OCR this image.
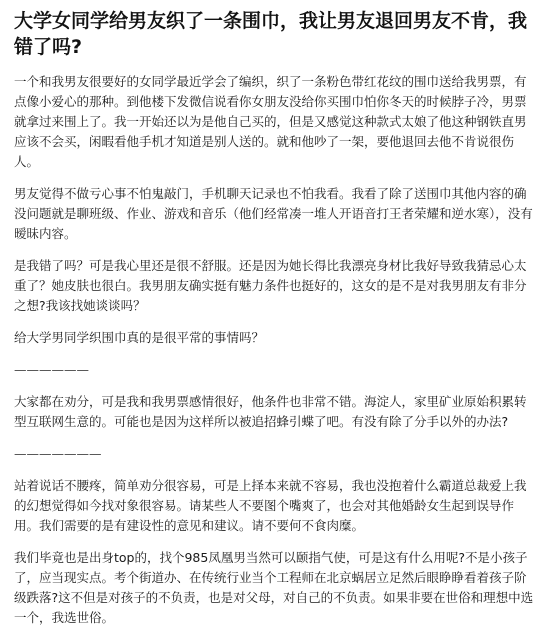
大学女同学给男友织了一条围巾，我让男友退回男友不肯，我错了吗?

一个和我男友很要好的女同学最近学会了编织，织了一条粉色带红花纹的围巾送给我男票，有点像小爱心的那种。到他楼下发微信说看你女朋友没给你买围巾怕你冬天的时候脖子冷，男票就拿过来围上了。我一开始还以为是他自己买的，但是又感觉这种款式太娘了他这种钢铁直男应该不会买，闲暇看他手机才知道是别人送的。就和他吵了一架，要他退回去他不肯说很伤人。

男友觉得不做亏心事不怕鬼敲门，手机聊天记录也不怕我看。我看了除了送围巾其他内容的确没问题就是聊班级、作业、游戏和音乐（他们经常凑一堆人开语音打王者荣耀和逆水寒），没有暧昧内容。

是我错了吗？可是我心里还是很不舒服。还是因为她长得比我漂亮身材比我好导致我猜忌心太重了？她皮肤也很白。我男朋友确实挺有魅力条件也挺好的，这女的是不是对我男朋友有非分之想?我该找她谈谈吗？

给大学男同学织围巾真的是很平常的事情吗？

——————

大家都在劝分，可是我和我男票感情很好，他条件也非常不错。海淀人，家里矿业原始积累转型互联网生意的。可能也是因为这样所以被追招蜂引蝶了吧。有没有除了分手以外的办法?

———————

站着说话不腰疼，简单劝分很容易，可是上择本来就不容易，我也没抱着什么霸道总裁爱上我的幻想觉得如今找对象很容易。请某些人不要图个嘴爽了，也会对其他婚龄女生起到误导作用。我们需要的是有建设性的意见和建议。请不要何不食肉糜。

我们毕竟也是出身top的，找个985凤凰男当然可以颐指气使，可是这有什么用呢?不是小孩子了，应当现实点。考个街道办、在传统行业当个工程师在北京蜗居立足然后眼睁睁看着孩子阶级跌落?这不但是对孩子的不负责，也是对父母，对自己的不负责。如果非要在世俗和理想中选一个，我选世俗。
